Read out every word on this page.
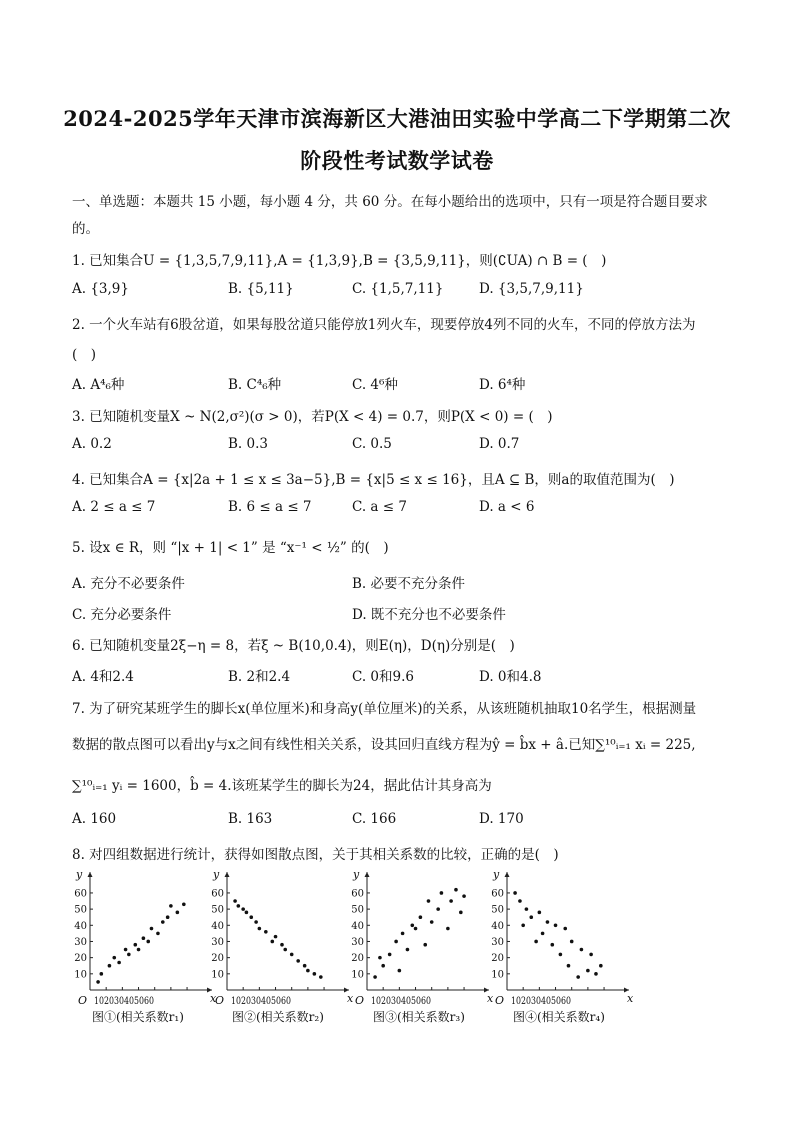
2024-2025学年天津市滨海新区大港油田实验中学高二下学期第二次
阶段性考试数学试卷
一、单选题：本题共 15 小题，每小题 4 分，共 60 分。在每小题给出的选项中，只有一项是符合题目要求
的。
1. 已知集合U = {1,3,5,7,9,11},A = {1,3,9},B = {3,5,9,11}，则(∁UA) ∩ B = (　)
A. {3,9}	B. {5,11}	C. {1,5,7,11}	D. {3,5,7,9,11}
2. 一个火车站有6股岔道，如果每股岔道只能停放1列火车，现要停放4列不同的火车，不同的停放方法为
(　)
A. A⁴₆种	B. C⁴₆种	C. 4⁶种	D. 6⁴种
3. 已知随机变量X ~ N(2,σ²)(σ > 0)，若P(X < 4) = 0.7，则P(X < 0) = (　)
A. 0.2	B. 0.3	C. 0.5	D. 0.7
4. 已知集合A = {x|2a + 1 ≤ x ≤ 3a−5},B = {x|5 ≤ x ≤ 16}，且A ⊆ B，则a的取值范围为(　)
A. 2 ≤ a ≤ 7	B. 6 ≤ a ≤ 7	C. a ≤ 7	D. a < 6
5. 设x ∈ R，则 “|x + 1| < 1” 是 “x⁻¹ < ½” 的(　)
A. 充分不必要条件	B. 必要不充分条件
C. 充分必要条件	D. 既不充分也不必要条件
6. 已知随机变量2ξ−η = 8，若ξ ~ B(10,0.4)，则E(η)，D(η)分别是(　)
A. 4和2.4	B. 2和2.4	C. 0和9.6	D. 0和4.8
7. 为了研究某班学生的脚长x(单位厘米)和身高y(单位厘米)的关系，从该班随机抽取10名学生，根据测量
数据的散点图可以看出y与x之间有线性相关关系，设其回归直线方程为ŷ = b̂x + â.已知∑¹⁰ᵢ₌₁ xᵢ = 225,
∑¹⁰ᵢ₌₁ yᵢ = 1600，b̂ = 4.该班某学生的脚长为24，据此估计其身高为
A. 160	B. 163	C. 166	D. 170
8. 对四组数据进行统计，获得如图散点图，关于其相关系数的比较，正确的是(　)
10
20
30
40
50
60
102030405060
O
y
x
10
20
30
40
50
60
102030405060
O
y
x
10
20
30
40
50
60
102030405060
O
y
x
10
20
30
40
50
60
102030405060
O
y
x
图①(相关系数r₁)	图②(相关系数r₂)	图③(相关系数r₃)	图④(相关系数r₄)
